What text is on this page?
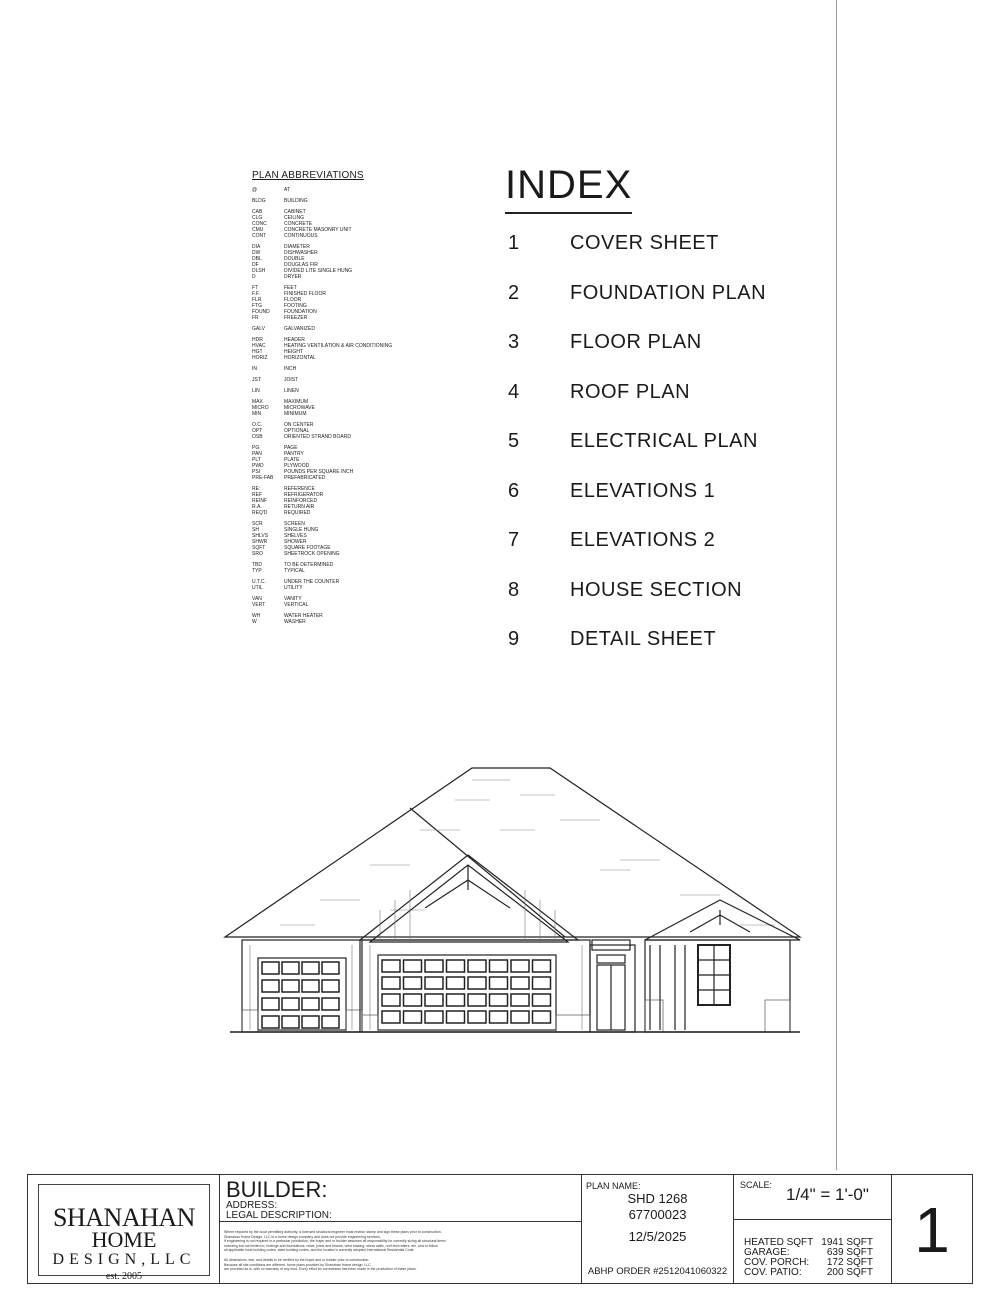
PLAN ABBREVIATIONS
@	AT
BLDG	BUILDING
CAB	CABINET
CLG	CEILING
CONC	CONCRETE
CMU	CONCRETE MASONRY UNIT
CONT	CONTINUOUS
DIA	DIAMETER
DW	DISHWASHER
DBL	DOUBLE
DF	DOUGLAS FIR
DLSH	DIVIDED LITE SINGLE HUNG
D	DRYER
FT	FEET
F.F.	FINISHED FLOOR
FLR	FLOOR
FTG	FOOTING
FOUND	FOUNDATION
FR	FREEZER
GALV	GALVANIZED
HDR	HEADER
HVAC	HEATING VENTILATION & AIR CONDITIONING
HGT	HEIGHT
HORIZ	HORIZONTAL
IN	INCH
JST	JOIST
LIN	LINEN
MAX	MAXIMUM
MICRO	MICROWAVE
MIN	MINIMUM
O.C.	ON CENTER
OPT	OPTIONAL
OSB	ORIENTED STRAND BOARD
PG	PAGE
PAN	PANTRY
PLT	PLATE
PWD	PLYWOOD
PSI	POUNDS PER SQUARE INCH
PRE-FAB	PREFABRICATED
RE:	REFERENCE
REF	REFRIGERATOR
REINF	REINFORCED
R.A.	RETURN AIR
REQ'D	REQUIRED
SCR	SCREEN
SH	SINGLE HUNG
SHLVS	SHELVES
SHWR	SHOWER
SQFT	SQUARE FOOTAGE
SRO	SHEETROCK OPENING
TBD	TO BE DETERMINED
TYP	TYPICAL
U.T.C.	UNDER THE COUNTER
UTIL	UTILITY
VAN	VANITY
VERT	VERTICAL
WH	WATER HEATER
W	WASHER
INDEX
1	COVER SHEET
2	FOUNDATION PLAN
3	FLOOR PLAN
4	ROOF PLAN
5	ELECTRICAL PLAN
6	ELEVATIONS 1
7	ELEVATIONS 2
8	HOUSE SECTION
9	DETAIL SHEET
SHANAHAN
HOME
DESIGN,LLC
est. 2005
BUILDER:
ADDRESS:
LEGAL DESCRIPTION:
Where required by the local permitting authority, a licensed structural engineer must review, stamp and sign these plans prior to construction.
Shanahan Home Design, LLC is a home design company and does not provide engineering services.
If engineering is not required in a particular jurisdiction, the buyer and or builder assumes all responsibility for correctly sizing all structural items
including but not limited to, footings and foundations, rebar, joists and beams, wind bracing, shear walls, roof and rafters, etc, and to follow
all applicable local building codes, state building codes, and the location's currently adopted International Residential Code.
All dimensions, text, and details to be verified by the buyer and or builder prior to construction.
Because all site conditions are different, home plans provided by Shanahan Home design, LLC
are provided as is, with no warranty of any kind. Every effort for correctness has been made in the production of these plans.
PLAN NAME:
SHD 1268
67700023
12/5/2025
ABHP ORDER #2512041060322
SCALE: 1/4" = 1'-0"
HEATED SQFT 1941 SQFT
GARAGE:	639 SQFT
COV. PORCH: 172 SQFT
COV. PATIO:	200 SQFT
1
